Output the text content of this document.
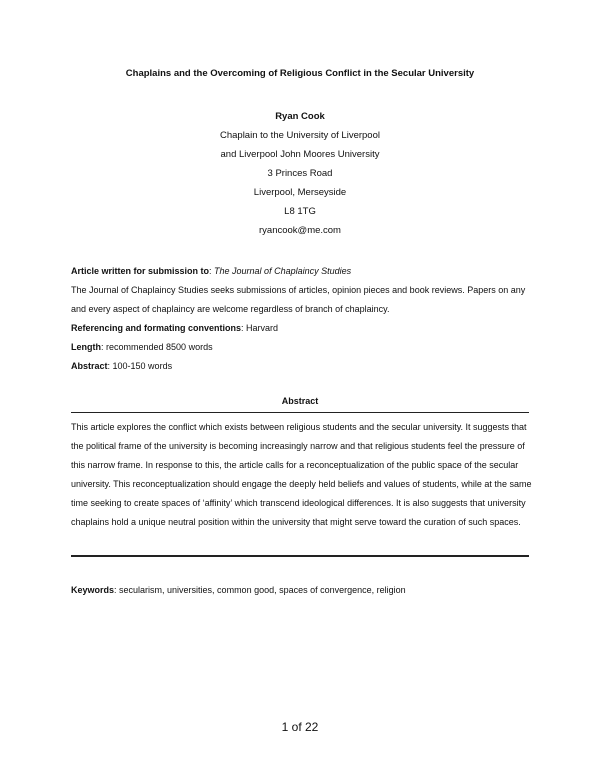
Chaplains and the Overcoming of Religious Conflict in the Secular University
Ryan Cook
Chaplain to the University of Liverpool
and Liverpool John Moores University
3 Princes Road
Liverpool, Merseyside
L8 1TG
ryancook@me.com

Article written for submission to: The Journal of Chaplaincy Studies

The Journal of Chaplaincy Studies seeks submissions of articles, opinion pieces and book reviews. Papers on any and every aspect of chaplaincy are welcome regardless of branch of chaplaincy.

Referencing and formating conventions: Harvard

Length: recommended 8500 words

Abstract: 100-150 words

Abstract
This article explores the conflict which exists between religious students and the secular university. It suggests that the political frame of the university is becoming increasingly narrow and that religious students feel the pressure of this narrow frame. In response to this, the article calls for a reconceptualization of the public space of the secular university. This reconceptualization should engage the deeply held beliefs and values of students, while at the same time seeking to create spaces of ‘affinity’ which transcend ideological differences. It is also suggests that university chaplains hold a unique neutral position within the university that might serve toward the curation of such spaces.
Keywords: secularism, universities, common good, spaces of convergence, religion
1 of 22
